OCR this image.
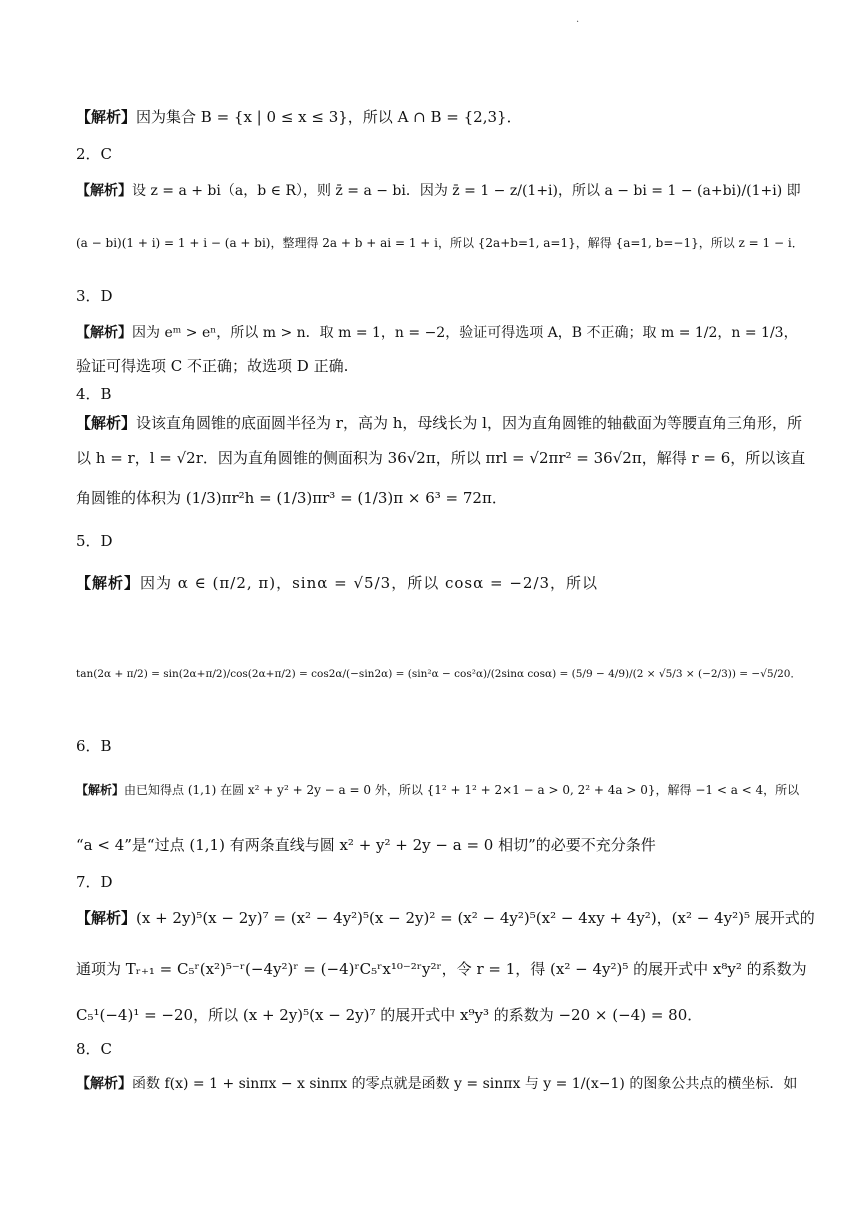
.
【解析】因为集合 B = {x | 0 ≤ x ≤ 3}，所以 A ∩ B = {2,3}．
2．C
【解析】设 z = a + bi（a，b ∈ R），则 z̄ = a − bi．因为 z̄ = 1 − z/(1+i)，所以 a − bi = 1 − (a+bi)/(1+i) 即
(a − bi)(1 + i) = 1 + i − (a + bi)，整理得 2a + b + ai = 1 + i，所以 {2a+b=1, a=1}，解得 {a=1, b=−1}，所以 z = 1 − i．
3．D
【解析】因为 eᵐ > eⁿ，所以 m > n．取 m = 1，n = −2，验证可得选项 A，B 不正确；取 m = 1/2，n = 1/3，
验证可得选项 C 不正确；故选项 D 正确.
4．B
【解析】设该直角圆锥的底面圆半径为 r，高为 h，母线长为 l，因为直角圆锥的轴截面为等腰直角三角形，所
以 h = r，l = √2r．因为直角圆锥的侧面积为 36√2π，所以 πrl = √2πr² = 36√2π，解得 r = 6，所以该直
角圆锥的体积为 (1/3)πr²h = (1/3)πr³ = (1/3)π × 6³ = 72π．
5．D
【解析】因为 α ∈ (π/2, π)，sinα = √5/3，所以 cosα = −2/3，所以
tan(2α + π/2) = sin(2α+π/2)/cos(2α+π/2) = cos2α/(−sin2α) = (sin²α − cos²α)/(2sinα cosα) = (5/9 − 4/9)/(2 × √5/3 × (−2/3)) = −√5/20．
6．B
【解析】由已知得点 (1,1) 在圆 x² + y² + 2y − a = 0 外，所以 {1² + 1² + 2×1 − a > 0, 2² + 4a > 0}，解得 −1 < a < 4，所以
“a < 4”是“过点 (1,1) 有两条直线与圆 x² + y² + 2y − a = 0 相切”的必要不充分条件
7．D
【解析】(x + 2y)⁵(x − 2y)⁷ = (x² − 4y²)⁵(x − 2y)² = (x² − 4y²)⁵(x² − 4xy + 4y²)，(x² − 4y²)⁵ 展开式的
通项为 Tᵣ₊₁ = C₅ʳ(x²)⁵⁻ʳ(−4y²)ʳ = (−4)ʳC₅ʳx¹⁰⁻²ʳy²ʳ，令 r = 1，得 (x² − 4y²)⁵ 的展开式中 x⁸y² 的系数为
C₅¹(−4)¹ = −20，所以 (x + 2y)⁵(x − 2y)⁷ 的展开式中 x⁹y³ 的系数为 −20 × (−4) = 80．
8．C
【解析】函数 f(x) = 1 + sinπx − x sinπx 的零点就是函数 y = sinπx 与 y = 1/(x−1) 的图象公共点的横坐标．如
